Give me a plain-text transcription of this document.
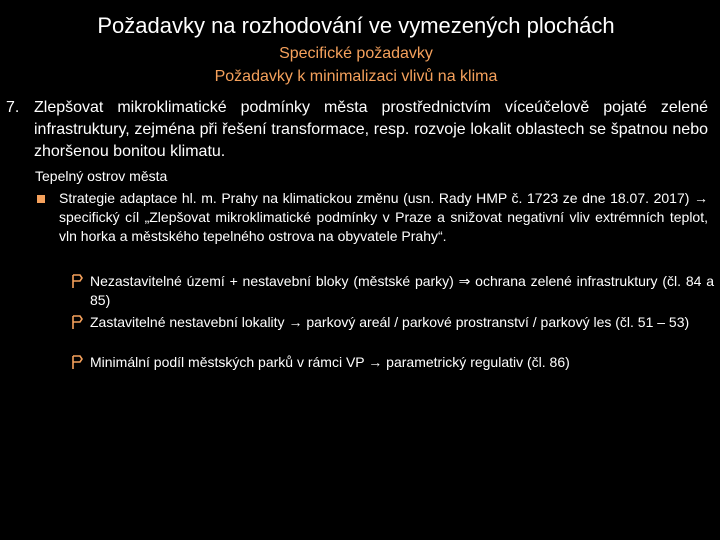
Požadavky na rozhodování ve vymezených plochách
Specifické požadavky
Požadavky k minimalizaci vlivů na klima
7. Zlepšovat mikroklimatické podmínky města prostřednictvím víceúčelově pojaté zelené infrastruktury, zejména při řešení transformace, resp. rozvoje lokalit oblastech se špatnou nebo zhoršenou bonitou klimatu.
Tepelný ostrov města
Strategie adaptace hl. m. Prahy na klimatickou změnu (usn. Rady HMP č. 1723 ze dne 18.07. 2017) → specifický cíl „Zlepšovat mikroklimatické podmínky v Praze a snižovat negativní vliv extrémních teplot, vln horka a městského tepelného ostrova na obyvatele Prahy“.
Nezastavitelné území + nestavební bloky (městské parky) ⇒ ochrana zelené infrastruktury (čl. 84 a 85)
Zastavitelné nestavební lokality → parkový areál / parkové prostranství / parkový les (čl. 51 – 53)
Minimální podíl městských parků v rámci VP → parametrický regulativ (čl. 86)
